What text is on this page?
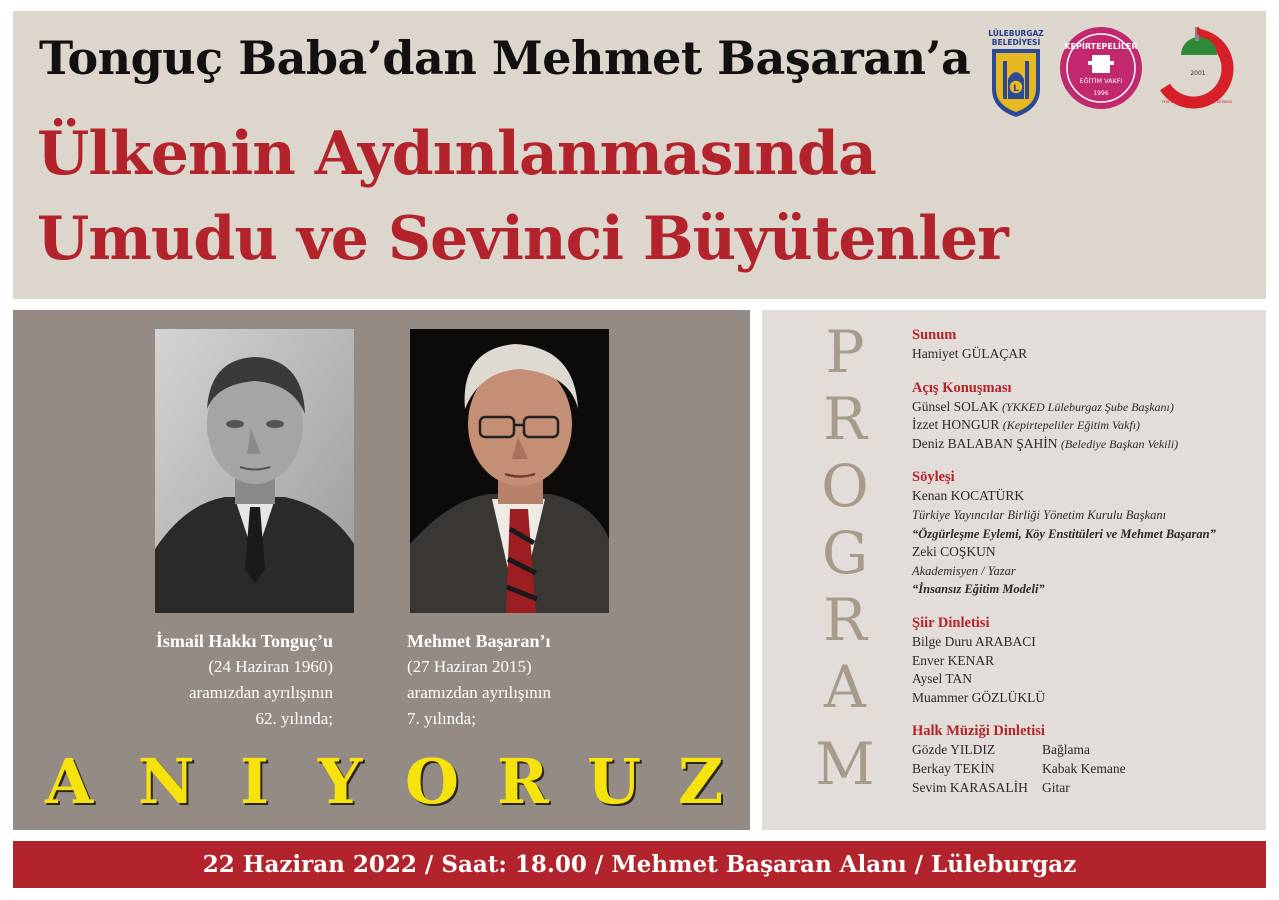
Tonguç Baba’dan Mehmet Başaran’a
Ülkenin Aydınlanmasında
Umudu ve Sevinci Büyütenler
LÜLEBURGAZ
BELEDİYESİ
L
KEPİRTEPELİLER
EĞİTİM VAKFI
1996
2001
YENİ KUŞAK KÖY ENSTİTÜLÜLER DERNEĞİ
İsmail Hakkı Tonguç’u
(24 Haziran 1960)
aramızdan ayrılışının
62. yılında;
Mehmet Başaran’ı
(27 Haziran 2015)
aramızdan ayrılışının
7. yılında;
A N I Y O R U Z
P
R
O
G
R
A
M
Sunum
Hamiyet GÜLAÇAR
Açış Konuşması
Günsel SOLAK (YKKED Lüleburgaz Şube Başkanı)
İzzet HONGUR (Kepirtepeliler Eğitim Vakfı)
Deniz BALABAN ŞAHİN (Belediye Başkan Vekili)
Söyleşi
Kenan KOCATÜRK
Türkiye Yayıncılar Birliği Yönetim Kurulu Başkanı
“Özgürleşme Eylemi, Köy Enstitüleri ve Mehmet Başaran”
Zeki COŞKUN
Akademisyen / Yazar
“İnsansız Eğitim Modeli”
Şiir Dinletisi
Bilge Duru ARABACI
Enver KENAR
Aysel TAN
Muammer GÖZLÜKLÜ
Halk Müziği Dinletisi
Gözde YILDIZ	Bağlama
Berkay TEKİN	Kabak Kemane
Sevim KARASALİH Gitar
22 Haziran 2022 / Saat: 18.00 / Mehmet Başaran Alanı / Lüleburgaz
